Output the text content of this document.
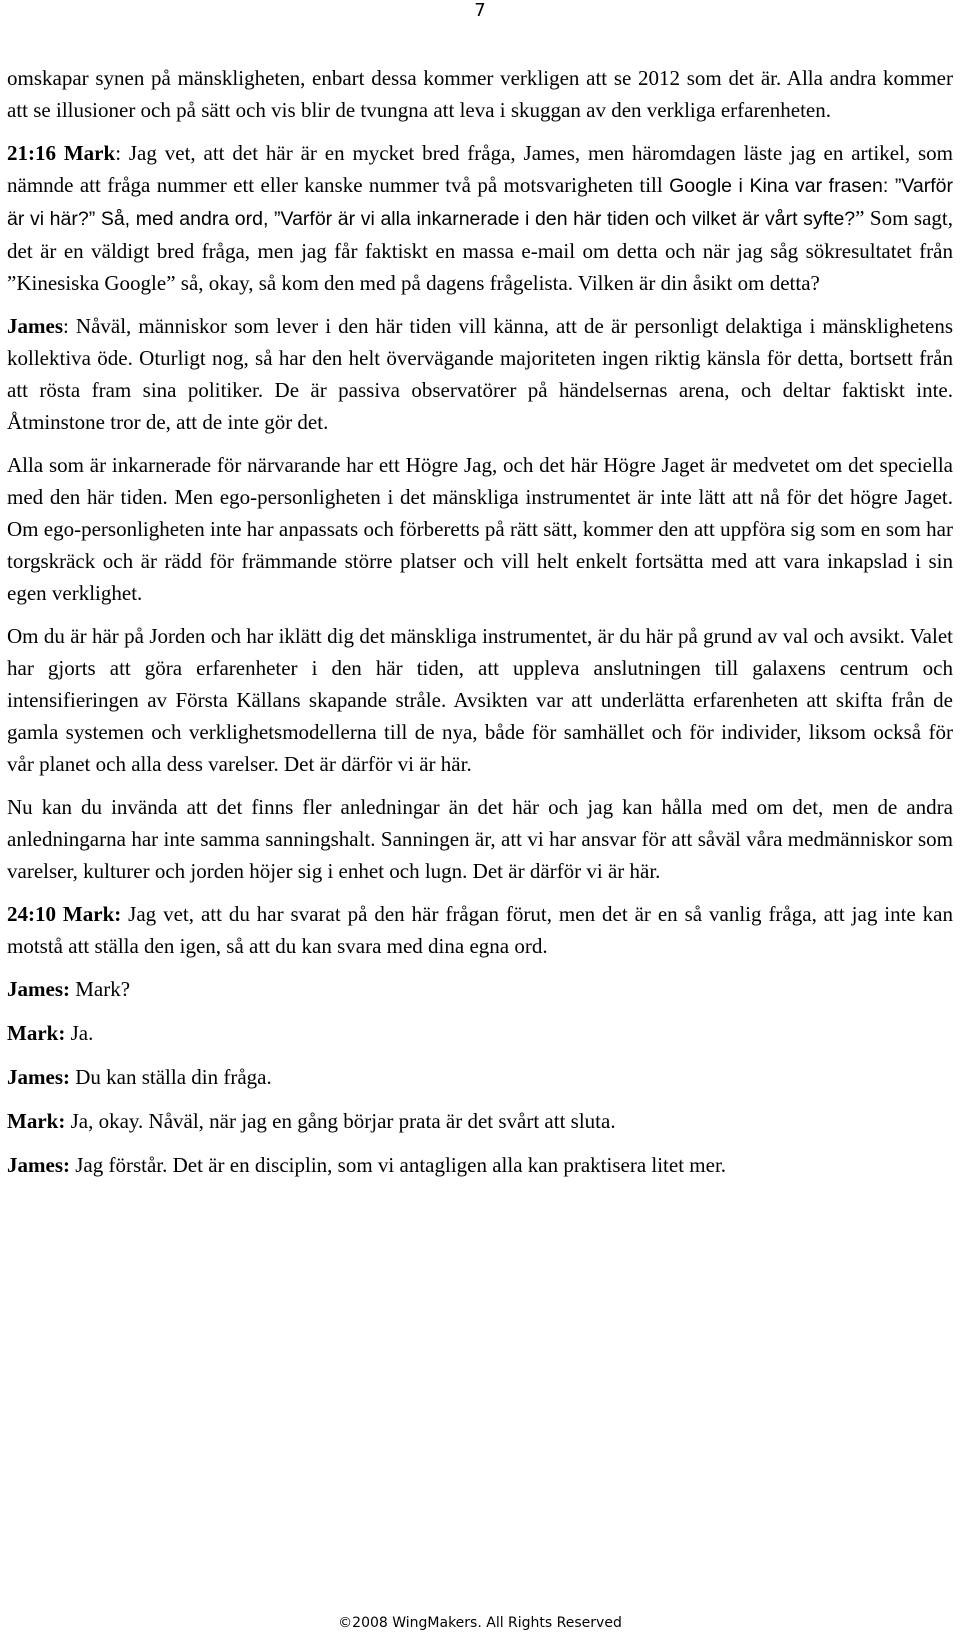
7

omskapar synen på mänskligheten, enbart dessa kommer verkligen att se 2012 som det är. Alla andra kommer att se illusioner och på sätt och vis blir de tvungna att leva i skuggan av den verkliga erfarenheten.

21:16 Mark: Jag vet, att det här är en mycket bred fråga, James, men häromdagen läste jag en artikel, som nämnde att fråga nummer ett eller kanske nummer två på motsvarigheten till Google i Kina var frasen: ”Varför är vi här?” Så, med andra ord, ”Varför är vi alla inkarnerade i den här tiden och vilket är vårt syfte?” Som sagt, det är en väldigt bred fråga, men jag får faktiskt en massa e-mail om detta och när jag såg sökresultatet från ”Kinesiska Google” så, okay, så kom den med på dagens frågelista. Vilken är din åsikt om detta?

James: Nåväl, människor som lever i den här tiden vill känna, att de är personligt delaktiga i mänsklighetens kollektiva öde. Oturligt nog, så har den helt övervägande majoriteten ingen riktig känsla för detta, bortsett från att rösta fram sina politiker. De är passiva observatörer på händelsernas arena, och deltar faktiskt inte. Åtminstone tror de, att de inte gör det.

Alla som är inkarnerade för närvarande har ett Högre Jag, och det här Högre Jaget är medvetet om det speciella med den här tiden. Men ego-personligheten i det mänskliga instrumentet är inte lätt att nå för det högre Jaget. Om ego-personligheten inte har anpassats och förberetts på rätt sätt, kommer den att uppföra sig som en som har torgskräck och är rädd för främmande större platser och vill helt enkelt fortsätta med att vara inkapslad i sin egen verklighet.

Om du är här på Jorden och har iklätt dig det mänskliga instrumentet, är du här på grund av val och avsikt. Valet har gjorts att göra erfarenheter i den här tiden, att uppleva anslutningen till galaxens centrum och intensifieringen av Första Källans skapande stråle. Avsikten var att underlätta erfarenheten att skifta från de gamla systemen och verklighetsmodellerna till de nya, både för samhället och för individer, liksom också för vår planet och alla dess varelser. Det är därför vi är här.

Nu kan du invända att det finns fler anledningar än det här och jag kan hålla med om det, men de andra anledningarna har inte samma sanningshalt. Sanningen är, att vi har ansvar för att såväl våra medmänniskor som varelser, kulturer och jorden höjer sig i enhet och lugn. Det är därför vi är här.

24:10 Mark: Jag vet, att du har svarat på den här frågan förut, men det är en så vanlig fråga, att jag inte kan motstå att ställa den igen, så att du kan svara med dina egna ord.

James: Mark?

Mark: Ja.

James: Du kan ställa din fråga.

Mark: Ja, okay. Nåväl, när jag en gång börjar prata är det svårt att sluta.

James: Jag förstår. Det är en disciplin, som vi antagligen alla kan praktisera litet mer.

©2008 WingMakers. All Rights Reserved
